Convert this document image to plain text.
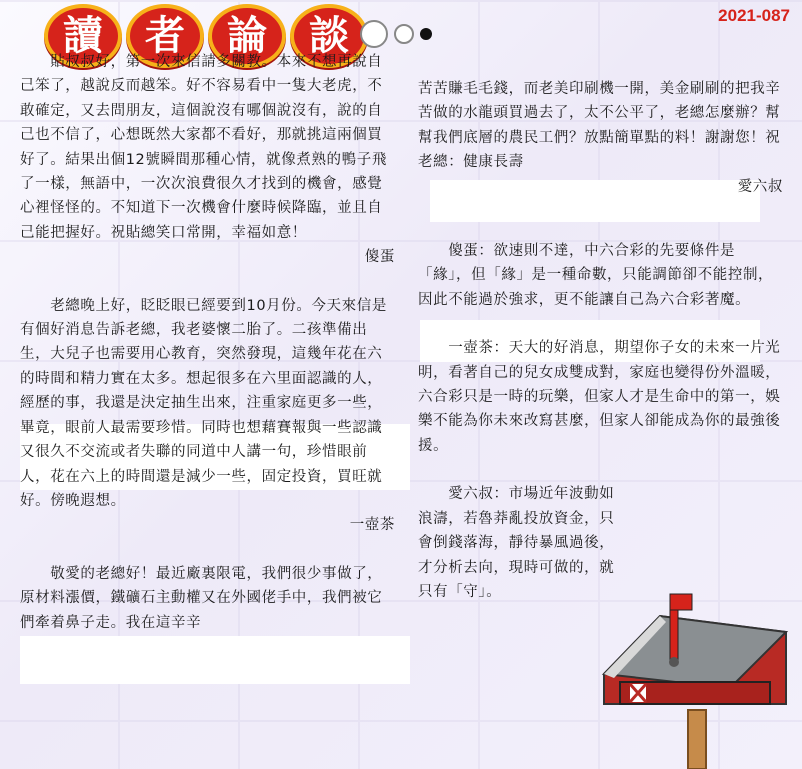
讀	者	論	談	2021-087

　　貼叔叔好，第一次來信請多關教。本來不想再說自己笨了，越說反而越笨。好不容易看中一隻大老虎，不敢確定，又去問朋友，這個說沒有哪個說沒有，說的自己也不信了，心想既然大家都不看好，那就挑這兩個買好了。結果出個12號瞬間那種心情，就像煮熟的鴨子飛了一樣，無語中，一次次浪費很久才找到的機會，感覺心裡怪怪的。不知道下一次機會什麼時候降臨，並且自己能把握好。祝貼總笑口常開，幸福如意！

傻蛋

　　老總晚上好，眨眨眼已經要到10月份。今天來信是有個好消息告訴老總，我老婆懷二胎了。二孩準備出生，大兒子也需要用心教育，突然發現，這幾年花在六的時間和精力實在太多。想起很多在六里面認識的人，經歷的事，我還是決定抽生出來，注重家庭更多一些，畢竟，眼前人最需要珍惜。同時也想藉賽報與一些認識又很久不交流或者失聯的同道中人講一句，珍惜眼前人，花在六上的時間還是減少一些，固定投資，買旺就好。傍晚遐想。

一壺茶

　　敬愛的老總好！最近廠裏限電，我們很少事做了，原材料漲價，鐵礦石主動權又在外國佬手中，我們被它們牽着鼻子走。我在這辛辛

苦苦賺毛毛錢，而老美印刷機一開，美金刷刷的把我辛苦做的水龍頭買過去了，太不公平了，老總怎麼辦？幫幫我們底層的農民工們？放點簡單點的料！謝謝您！祝老總：健康長壽

愛六叔

　　傻蛋：欲速則不達，中六合彩的先要條件是「緣」，但「緣」是一種命數，只能調節卻不能控制，因此不能過於強求，更不能讓自己為六合彩著魔。

　　一壺茶：天大的好消息，期望你子女的未來一片光明，看著自己的兒女成雙成對，家庭也變得份外溫暖，六合彩只是一時的玩樂，但家人才是生命中的第一，娛樂不能為你未來改寫甚麼，但家人卻能成為你的最強後援。

　　愛六叔：市場近年波動如浪濤，若魯莽亂投放資金，只會倒錢落海，靜待暴風過後，才分析去向，現時可做的，就只有「守」。
